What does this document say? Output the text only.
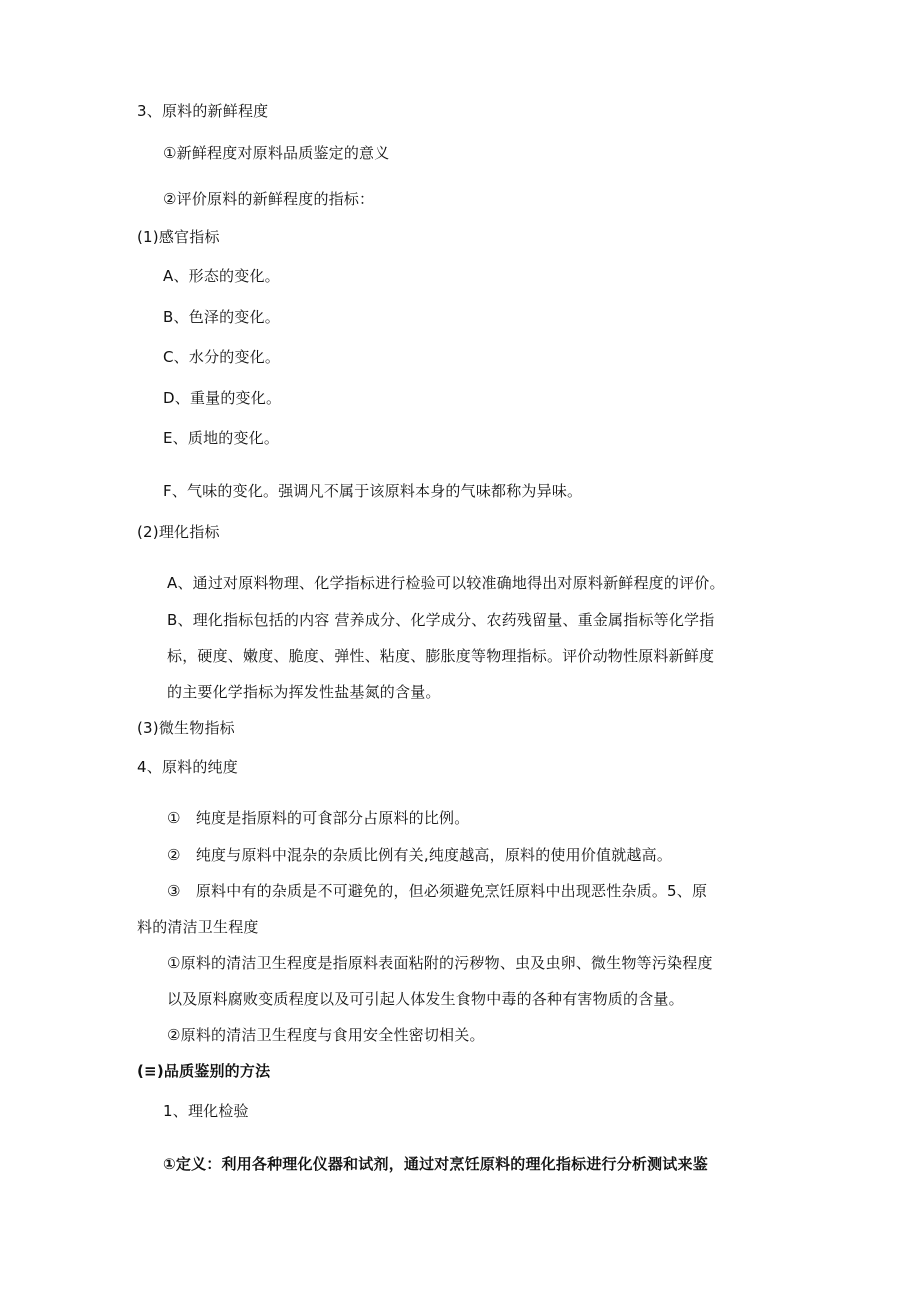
3、原料的新鲜程度
①新鲜程度对原料品质鉴定的意义
②评价原料的新鲜程度的指标：
(1)感官指标
A、形态的变化。
B、色泽的变化。
C、水分的变化。
D、重量的变化。
E、质地的变化。
F、气味的变化。强调凡不属于该原料本身的气味都称为异味。
(2)理化指标
A、通过对原料物理、化学指标进行检验可以较准确地得出对原料新鲜程度的评价。
B、理化指标包括的内容 营养成分、化学成分、农药残留量、重金属指标等化学指
标，硬度、嫩度、脆度、弹性、粘度、膨胀度等物理指标。评价动物性原料新鲜度
的主要化学指标为挥发性盐基氮的含量。
(3)微生物指标
4、原料的纯度
①　纯度是指原料的可食部分占原料的比例。
②　纯度与原料中混杂的杂质比例有关,纯度越高，原料的使用价值就越高。
③　原料中有的杂质是不可避免的，但必须避免烹饪原料中出现恶性杂质。5、原
料的清洁卫生程度
①原料的清洁卫生程度是指原料表面粘附的污秽物、虫及虫卵、微生物等污染程度
以及原料腐败变质程度以及可引起人体发生食物中毒的各种有害物质的含量。
②原料的清洁卫生程度与食用安全性密切相关。
(≡)品质鉴别的方法
1、理化检验
①定义：利用各种理化仪器和试剂，通过对烹饪原料的理化指标进行分析测试来鉴
